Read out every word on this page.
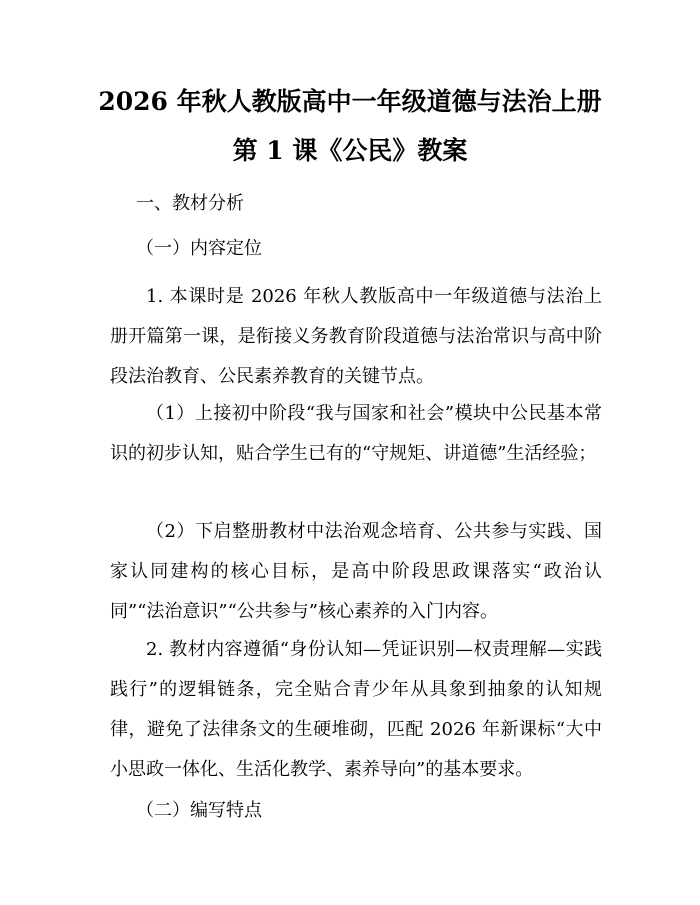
2026 年秋人教版高中一年级道德与法治上册
第 1 课《公民》教案
一、教材分析
（一）内容定位

1. 本课时是 2026 年秋人教版高中一年级道德与法治上册开篇第一课，是衔接义务教育阶段道德与法治常识与高中阶段法治教育、公民素养教育的关键节点。

（1）上接初中阶段“我与国家和社会”模块中公民基本常识的初步认知，贴合学生已有的“守规矩、讲道德”生活经验；

（2）下启整册教材中法治观念培育、公共参与实践、国家认同建构的核心目标，是高中阶段思政课落实“政治认同”“法治意识”“公共参与”核心素养的入门内容。

2. 教材内容遵循“身份认知—凭证识别—权责理解—实践践行”的逻辑链条，完全贴合青少年从具象到抽象的认知规律，避免了法律条文的生硬堆砌，匹配 2026 年新课标“大中小思政一体化、生活化教学、素养导向”的基本要求。

（二）编写特点
